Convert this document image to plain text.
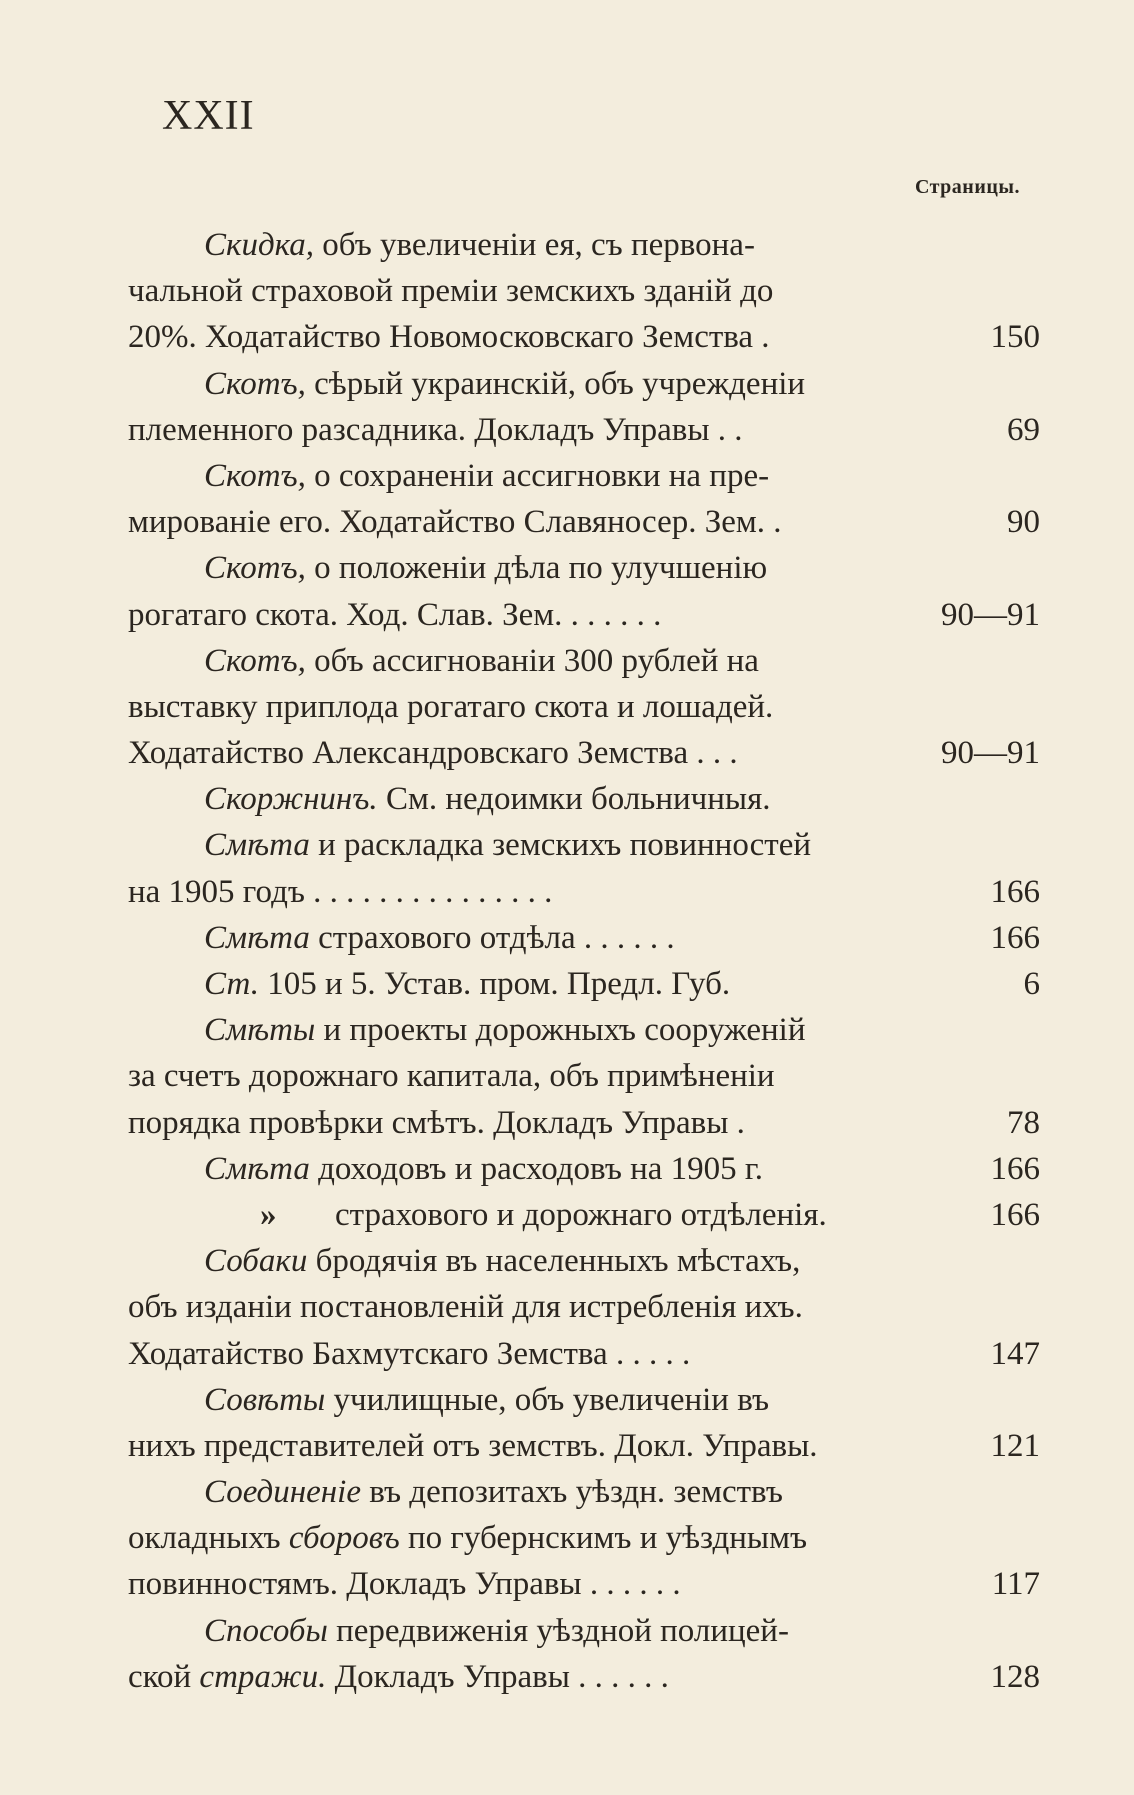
XXII
Страницы.
Скидка, объ увеличеніи ея, съ первона-
чальной страховой преміи земскихъ зданій до
20%. Ходатайство Новомосковскаго Земства .	150
Скотъ, сѣрый украинскій, объ учрежденіи
племенного разсадника. Докладъ Управы . .	69
Скотъ, о сохраненіи ассигновки на пре-
мированіе его. Ходатайство Славяносер. Зем. .	90
Скотъ, о положеніи дѣла по улучшенію
рогатаго скота. Ход. Слав. Зем. . . . . . .	90—91
Скотъ, объ ассигнованіи 300 рублей на
выставку приплода рогатаго скота и лошадей.
Ходатайство Александровскаго Земства . . .	90—91
Скоржнинъ. См. недоимки больничныя.
Смѣта и раскладка земскихъ повинностей
на 1905 годъ . . . . . . . . . . . . . . .	166
Смѣта страхового отдѣла . . . . . .	166
Ст. 105 и 5. Устав. пром. Предл. Губ.	6
Смѣты и проекты дорожныхъ сооруженій
за счетъ дорожнаго капитала, объ примѣненіи
порядка провѣрки смѣтъ. Докладъ Управы .	78
Смѣта доходовъ и расходовъ на 1905 г.	166
» страхового и дорожнаго отдѣленія.	166
Собаки бродячія въ населенныхъ мѣстахъ,
объ изданіи постановленій для истребленія ихъ.
Ходатайство Бахмутскаго Земства . . . . .	147
Совѣты училищные, объ увеличеніи въ
нихъ представителей отъ земствъ. Докл. Управы.	121
Соединеніе въ депозитахъ уѣздн. земствъ
окладныхъ сборовъ по губернскимъ и уѣзднымъ
повинностямъ. Докладъ Управы . . . . . .	117
Способы передвиженія уѣздной полицей-
ской стражи. Докладъ Управы . . . . . .	128
